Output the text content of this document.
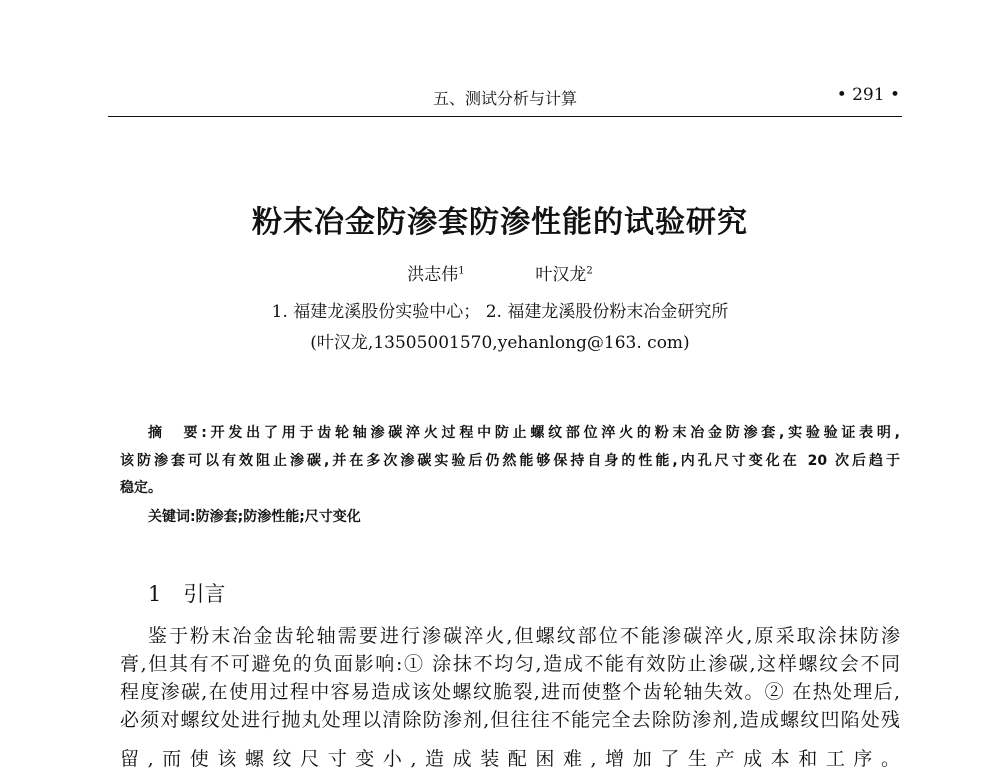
五、测试分析与计算	• 291 •
粉末冶金防渗套防渗性能的试验研究
洪志伟$^1$	叶汉龙$^2$
1. 福建龙溪股份实验中心； 2. 福建龙溪股份粉末冶金研究所
(叶汉龙,13505001570,yehanlong@163. com)
摘　要:开发出了用于齿轮轴渗碳淬火过程中防止螺纹部位淬火的粉末冶金防渗套,实验验证表明,
该防渗套可以有效阻止渗碳,并在多次渗碳实验后仍然能够保持自身的性能,内孔尺寸变化在 20 次后趋于
稳定。
关键词:防渗套;防渗性能;尺寸变化
1 引言
鉴于粉末冶金齿轮轴需要进行渗碳淬火,但螺纹部位不能渗碳淬火,原采取涂抹防渗
膏,但其有不可避免的负面影响:① 涂抹不均匀,造成不能有效防止渗碳,这样螺纹会不同
程度渗碳,在使用过程中容易造成该处螺纹脆裂,进而使整个齿轮轴失效。② 在热处理后,
必须对螺纹处进行抛丸处理以清除防渗剂,但往往不能完全去除防渗剂,造成螺纹凹陷处残
留,而使该螺纹尺寸变小,造成装配困难,增加了生产成本和工序。
